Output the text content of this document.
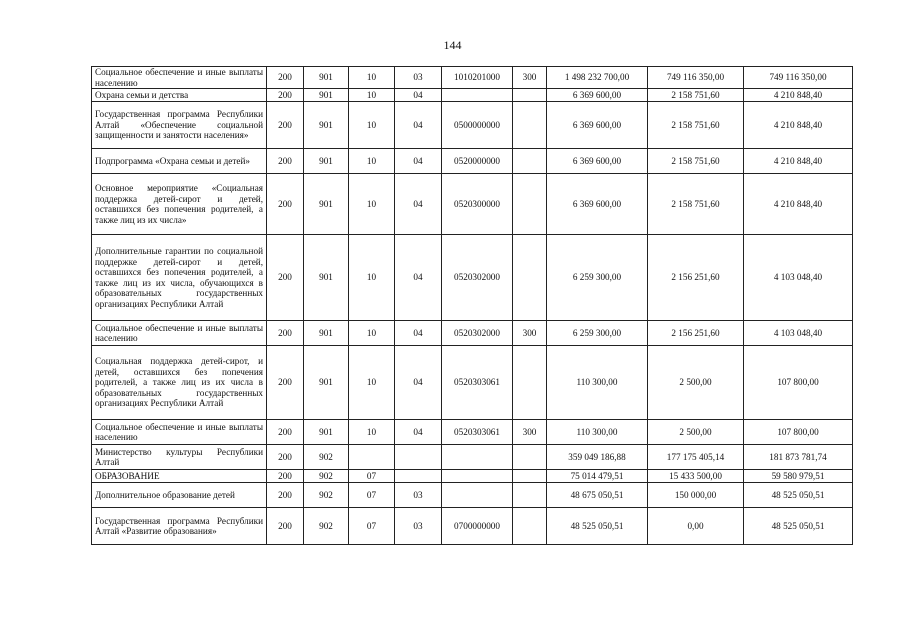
144
Социальное обеспечение и иные выплаты населению	200	901	10	03	1010201000	300	1 498 232 700,00	749 116 350,00	749 116 350,00
Охрана семьи и детства	200	901	10	04			6 369 600,00	2 158 751,60	4 210 848,40
Государственная программа Республики Алтай «Обеспечение социальной защищенности и занятости населения»	200	901	10	04	0500000000		6 369 600,00	2 158 751,60	4 210 848,40
Подпрограмма «Охрана семьи и детей»	200	901	10	04	0520000000		6 369 600,00	2 158 751,60	4 210 848,40
Основное мероприятие «Социальная поддержка детей-сирот и детей, оставшихся без попечения родителей, а также лиц из их числа»	200	901	10	04	0520300000		6 369 600,00	2 158 751,60	4 210 848,40
Дополнительные гарантии по социальной поддержке детей-сирот и детей, оставшихся без попечения родителей, а также лиц из их числа, обучающихся в образовательных государственных организациях Республики Алтай	200	901	10	04	0520302000		6 259 300,00	2 156 251,60	4 103 048,40
Социальное обеспечение и иные выплаты населению	200	901	10	04	0520302000	300	6 259 300,00	2 156 251,60	4 103 048,40
Социальная поддержка детей-сирот, и детей, оставшихся без попечения родителей, а также лиц из их числа в образовательных государственных организациях Республики Алтай	200	901	10	04	0520303061		110 300,00	2 500,00	107 800,00
Социальное обеспечение и иные выплаты населению	200	901	10	04	0520303061	300	110 300,00	2 500,00	107 800,00
Министерство культуры Республики Алтай	200	902					359 049 186,88	177 175 405,14	181 873 781,74
ОБРАЗОВАНИЕ	200	902	07				75 014 479,51	15 433 500,00	59 580 979,51
Дополнительное образование детей	200	902	07	03			48 675 050,51	150 000,00	48 525 050,51
Государственная программа Республики Алтай «Развитие образования»	200	902	07	03	0700000000		48 525 050,51	0,00	48 525 050,51
